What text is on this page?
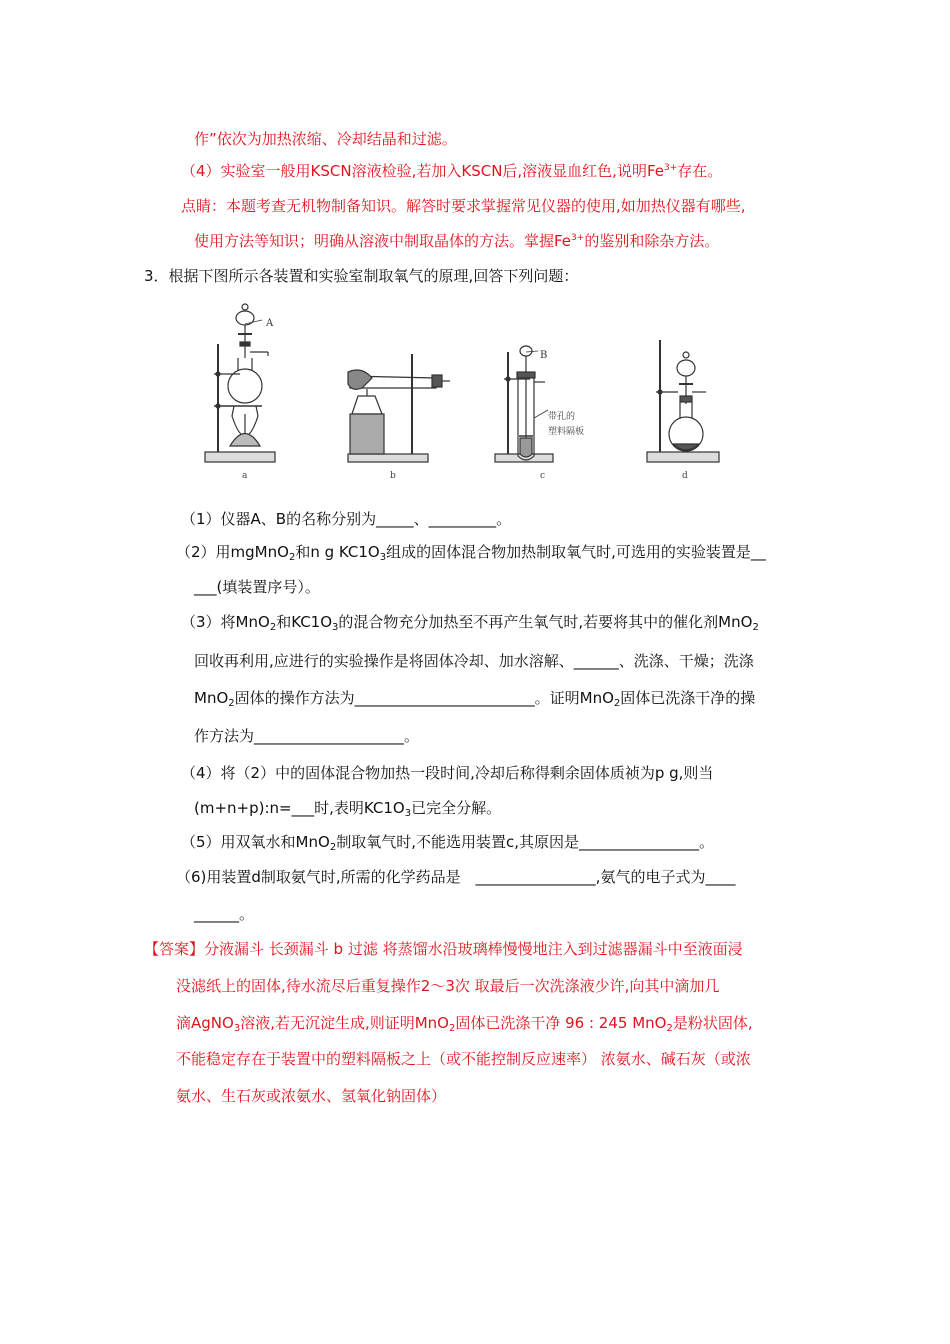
作”依次为加热浓缩、冷却结晶和过滤。
（4）实验室一般用KSCN溶液检验,若加入KSCN后,溶液显血红色,说明$Fe^{3+}$存在。
点睛：本题考查无机物制备知识。解答时要求掌握常见仪器的使用,如加热仪器有哪些,
使用方法等知识；明确从溶液中制取晶体的方法。掌握$Fe^{3+}$的鉴别和除杂方法。
3．根据下图所示各装置和实验室制取氧气的原理,回答下列问题：
A
a	b
B
带孔的
塑料隔板
c	d
（1）仪器A、B的名称分别为_____、_________。
（2）用mgMnO$_2$和n g $KC1O_3$组成的固体混合物加热制取氧气时,可选用的实验装置是__
___(填装置序号）。
（3）将MnO$_2$和$KC1O_3$的混合物充分加热至不再产生氧气时,若要将其中的催化剂MnO$_2$
回收再利用,应进行的实验操作是将固体冷却、加水溶解、______、洗涤、干燥；洗涤
MnO$_2$固体的操作方法为________________________。证明MnO$_2$固体已洗涤干净的操
作方法为____________________。
（4）将（2）中的固体混合物加热一段时间,冷却后称得剩余固体质祯为p g,则当
(m+n+p):n=___时,表明$KC1O_3$已完全分解。
（5）用双氧水和MnO$_2$制取氧气时,不能选用装置c,其原因是________________。
（6)用装置d制取氨气时,所需的化学药品是　________________,氨气的电子式为____
______。
【答案】分液漏斗 长颈漏斗 b 过滤 将蒸馏水沿玻璃棒慢慢地注入到过滤器漏斗中至液面浸
没滤纸上的固体,待水流尽后重复操作2〜3次 取最后一次洗涤液少许,向其中滴加几
滴AgNO$_3$溶液,若无沉淀生成,则证明MnO$_2$固体已洗涤干净 96 : 245 MnO$_2$是粉状固体,
不能稳定存在于装置中的塑料隔板之上（或不能控制反应速率） 浓氨水、碱石灰（或浓
氨水、生石灰或浓氨水、氢氧化钠固体）
